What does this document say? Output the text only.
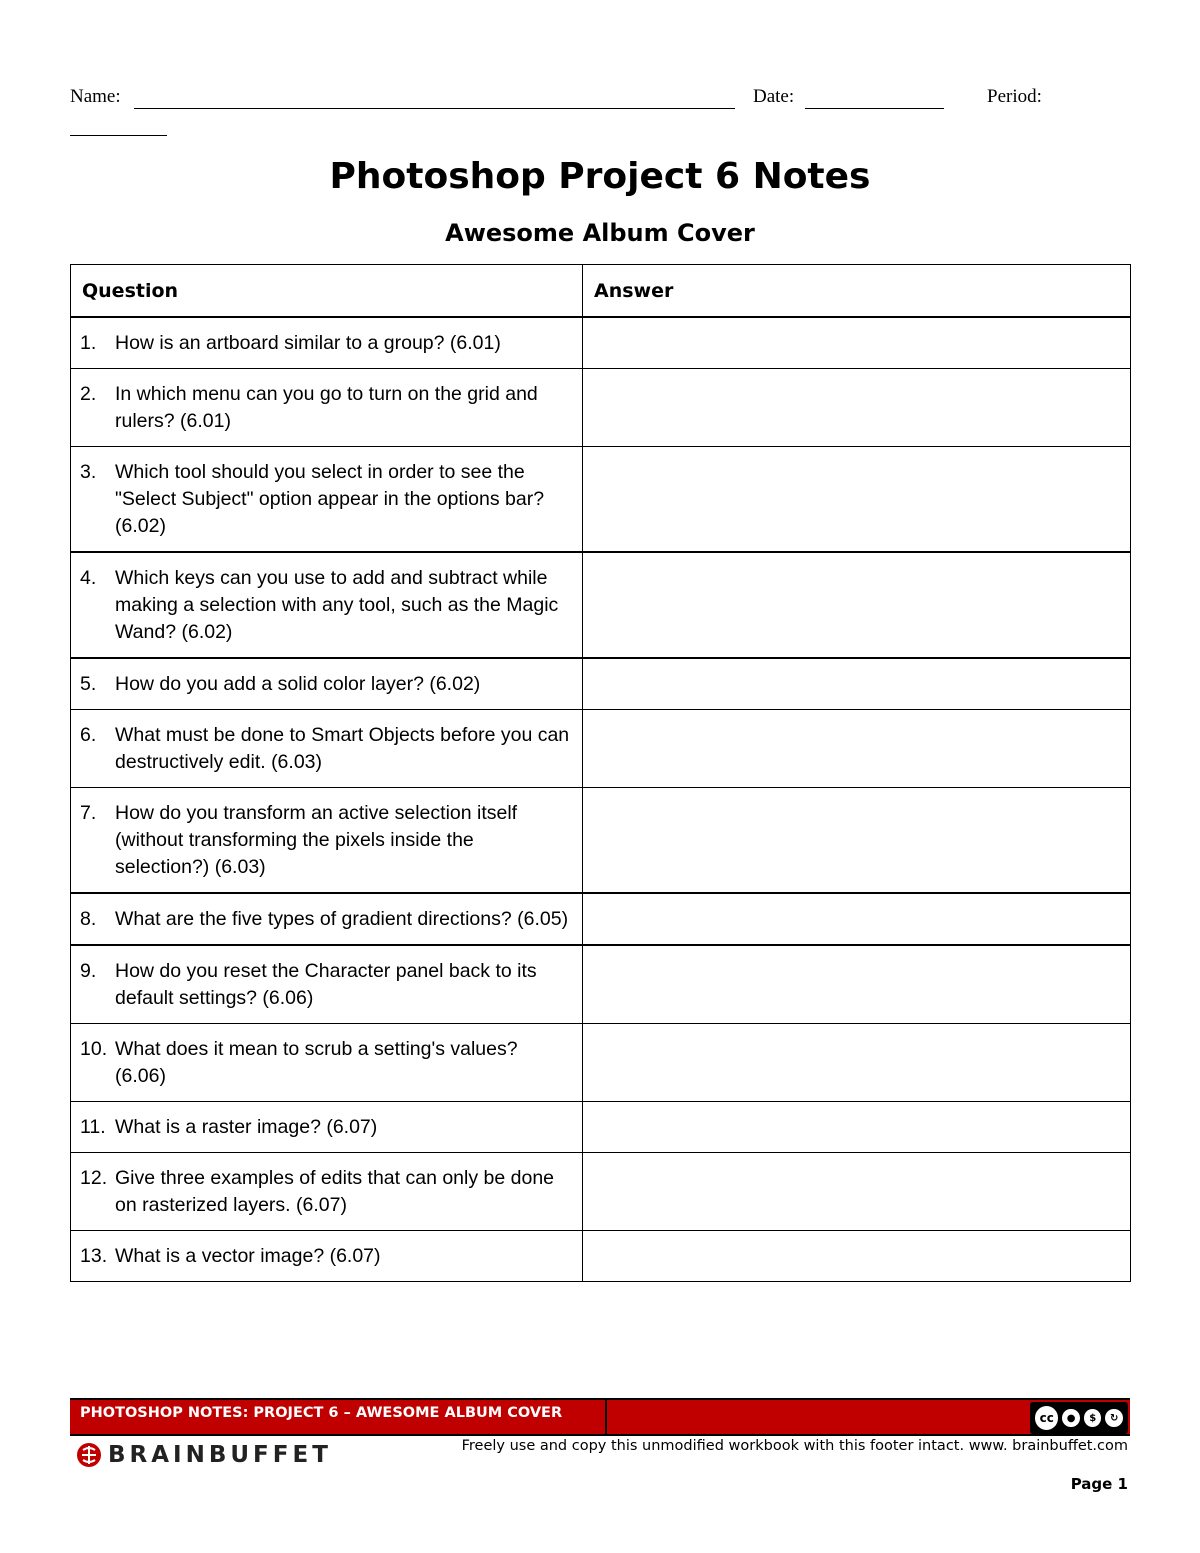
Name:	Date:	Period:
Photoshop Project 6 Notes
Awesome Album Cover
Question	Answer

1. How is an artboard similar to a group? (6.01)	

2. In which menu can you go to turn on the grid and rulers? (6.01)	

3. Which tool should you select in order to see the "Select Subject" option appear in the options bar? (6.02)	

4. Which keys can you use to add and subtract while making a selection with any tool, such as the Magic Wand? (6.02)	

5. How do you add a solid color layer? (6.02)	

6. What must be done to Smart Objects before you can destructively edit. (6.03)	

7. How do you transform an active selection itself (without transforming the pixels inside the selection?) (6.03)	

8. What are the five types of gradient directions? (6.05)	

9. How do you reset the Character panel back to its default settings? (6.06)	

10. What does it mean to scrub a setting's values? (6.06)	

11. What is a raster image? (6.07)	

12. Give three examples of edits that can only be done on rasterized layers. (6.07)	

13. What is a vector image? (6.07)	

PHOTOSHOP NOTES: PROJECT 6 – AWESOME ALBUM COVER	cc	●	$	↻
BRAINBUFFET	Freely use and copy this unmodified workbook with this footer intact. www. brainbuffet.com
Page 1
